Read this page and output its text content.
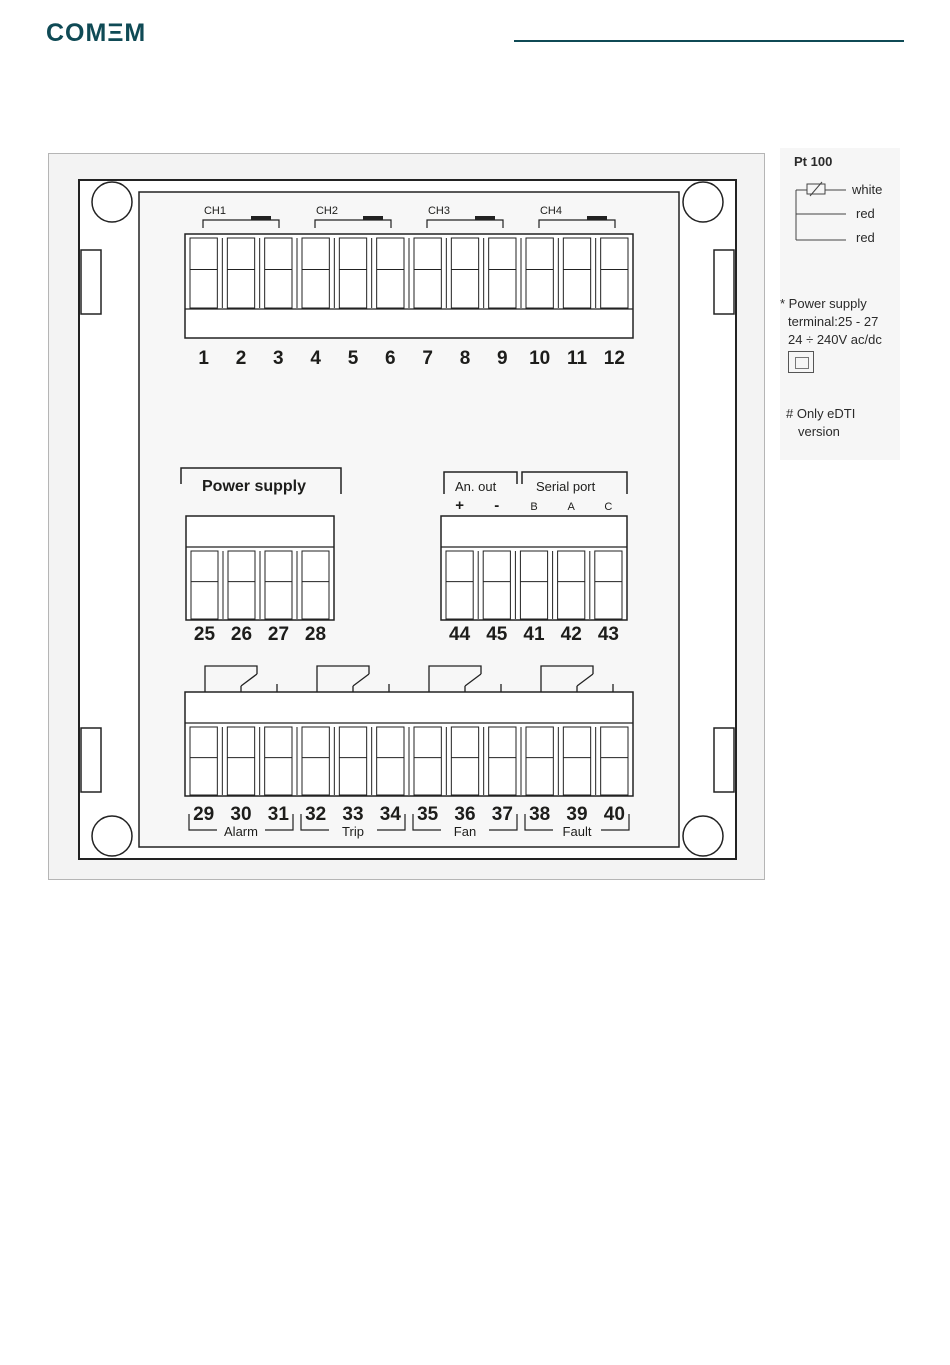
COMΞM
CH1	CH2	CH3	CH4
1 2 3 4 5 6 7 8 9 10 11 12
Power supply
25 26 27 28
An. out	Serial port
+ -	B	A	C
44 45 41 42 43
29 30 31 32 33 34 35 36 37 38 39 40
Alarm	Trip	Fan	Fault
Pt 100
white
red
red
* Power supply
terminal:25 - 27
24 ÷ 240V ac/dc
# Only eDTI
version
